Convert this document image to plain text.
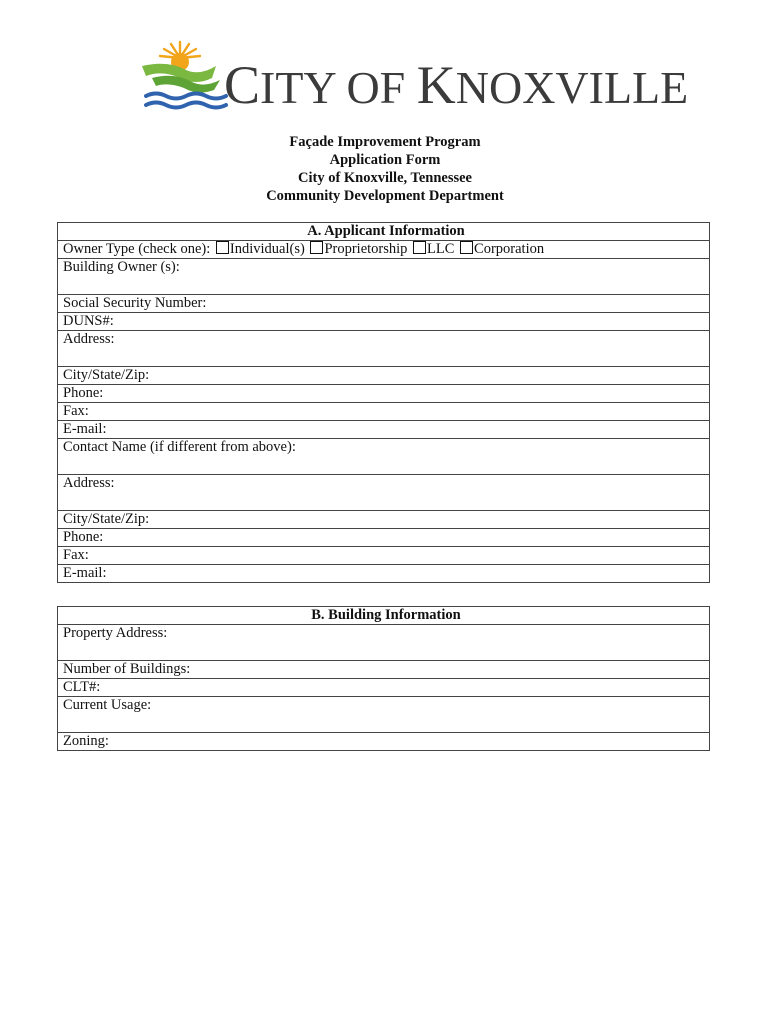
CITY OF KNOXVILLE
Façade Improvement Program
Application Form
City of Knoxville, Tennessee
Community Development Department
A. Applicant Information
Owner Type (check one): Individual(s) Proprietorship LLC Corporation
Building Owner (s):
Social Security Number:
DUNS#:
Address:
City/State/Zip:
Phone:
Fax:
E-mail:
Contact Name (if different from above):
Address:
City/State/Zip:
Phone:
Fax:
E-mail:
B. Building Information
Property Address:
Number of Buildings:
CLT#:
Current Usage:
Zoning:
